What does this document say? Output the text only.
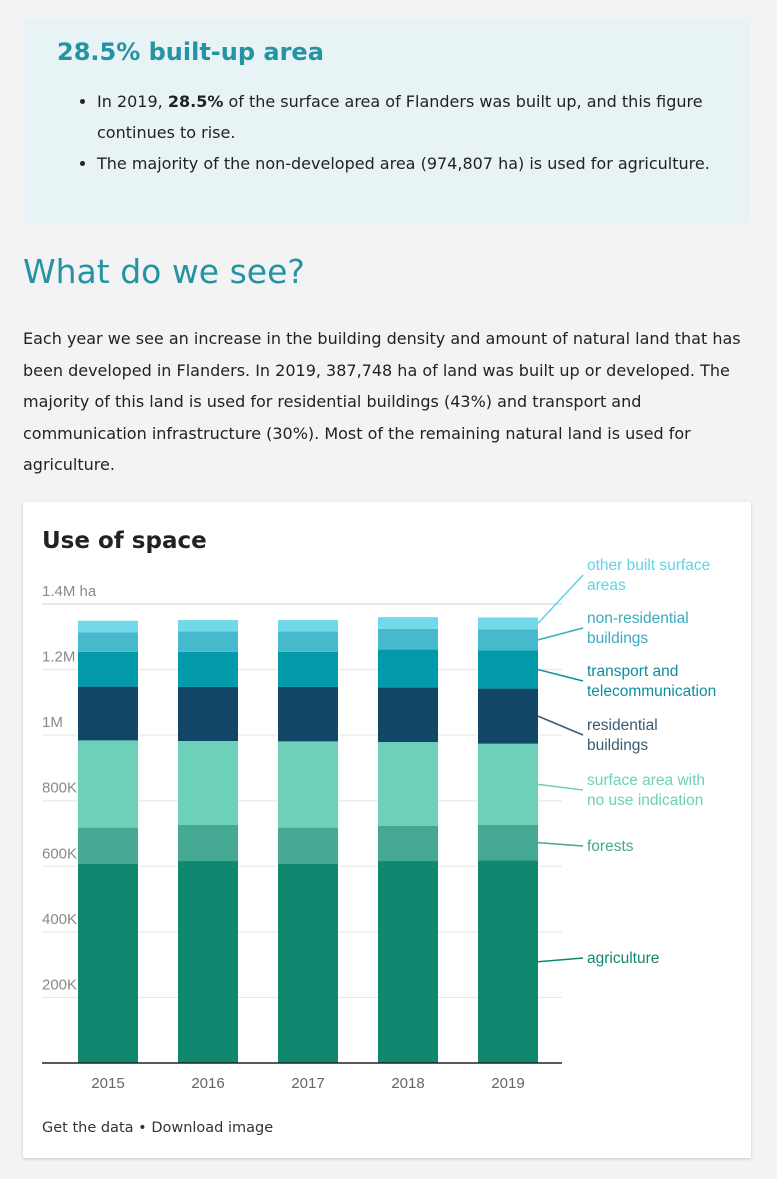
28.5% built-up area
• In 2019, 28.5% of the surface area of Flanders was built up, and this figure continues to rise.
• The majority of the non-developed area (974,807 ha) is used for agriculture.
What do we see?

Each year we see an increase in the building density and amount of natural land that has been developed in Flanders. In 2019, 387,748 ha of land was built up or developed. The majority of this land is used for residential buildings (43%) and transport and communication infrastructure (30%). Most of the remaining natural land is used for agriculture.

200K
400K
600K
800K
1M
1.2M
1.4M ha
2015	2016	2017	2018	2019
agriculture
forests
surface area with no use indication
residential buildings
transport and telecommunication
non-residential buildings
other built surface areas
Use of space
Get the data • Download image
